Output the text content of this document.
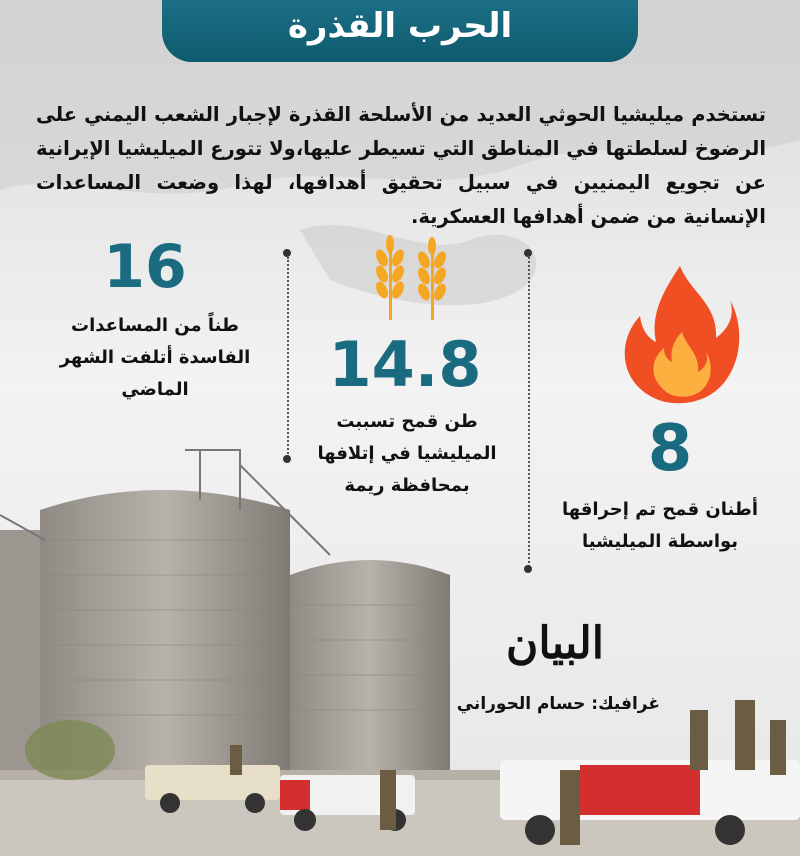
الحرب القذرة
تستخدم ميليشيا الحوثي العديد من الأسلحة القذرة لإجبار الشعب اليمني على الرضوخ لسلطتها في المناطق التي تسيطر عليها،ولا تتورع الميليشيا الإيرانية عن تجويع اليمنيين في سبيل تحقيق أهدافها، لهذا وضعت المساعدات الإنسانية من ضمن أهدافها العسكرية.
16
طناً من المساعدات الفاسدة أتلفت الشهر الماضي	14.8
طن قمح تسببت الميليشيا في إتلافها بمحافظة ريمة	8
أطنان قمح تم إحراقها بواسطة الميليشيا
البيان
غرافيك: حسام الحوراني
